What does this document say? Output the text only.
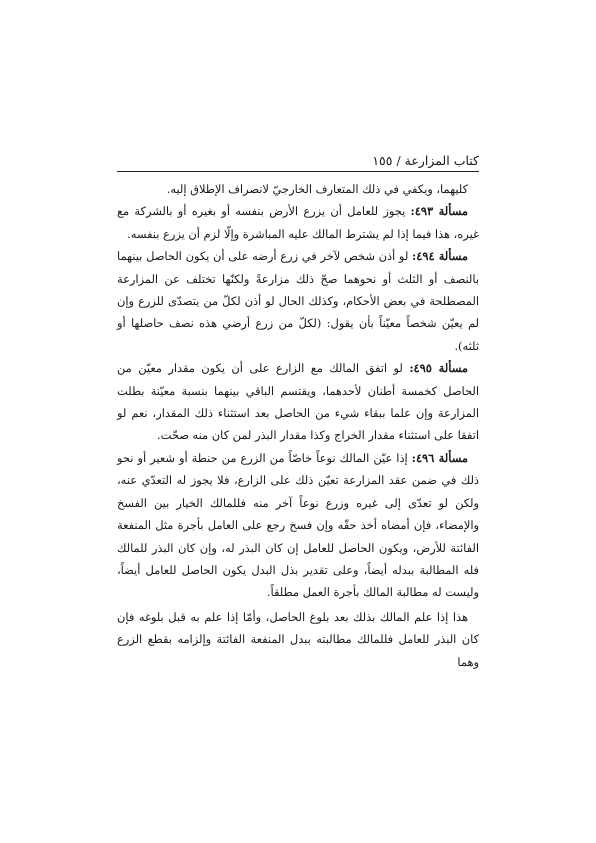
كتاب المزارعة / ١٥٥

كليهما، ويكفي في ذلك المتعارف الخارجيّ لانصراف الإطلاق إليه.

مسألة ٤٩٣: يجوز للعامل أن يزرع الأرض بنفسه أو بغيره أو بالشركة مع غيره، هذا فيما إذا لم يشترط المالك عليه المباشرة وإلّا لزم أن يزرع بنفسه.

مسألة ٤٩٤: لو أذن شخص لآخر في زرع أرضه على أن يكون الحاصل بينهما بالنصف أو الثلث أو نحوهما صحّ ذلك مزارعةً ولكنّها تختلف عن المزارعة المصطلحة في بعض الأحكام، وكذلك الحال لو أذن لكلّ من يتصدّى للزرع وإن لم يعيّن شخصاً معيّناً بأن يقول: (لكلّ من زرع أرضي هذه نصف حاصلها أو ثلثه).

مسألة ٤٩٥: لو اتفق المالك مع الزارع على أن يكون مقدار معيّن من الحاصل كخمسة أطنان لأحدهما، ويقتسم الباقي بينهما بنسبة معيّنة بطلت المزارعة وإن علما ببقاء شيء من الحاصل بعد استثناء ذلك المقدار، نعم لو اتفقا على استثناء مقدار الخراج وكذا مقدار البذر لمن كان منه صحّت.

مسألة ٤٩٦: إذا عيّن المالك نوعاً خاصّاً من الزرع من حنطة أو شعير أو نحو ذلك في ضمن عقد المزارعة تعيّن ذلك على الزارع، فلا يجوز له التعدّي عنه، ولكن لو تعدّى إلى غيره وزرع نوعاً آخر منه فللمالك الخيار بين الفسخ والإمضاء، فإن أمضاه أخذ حقّه وإن فسخ رجع على العامل بأجرة مثل المنفعة الفائتة للأرض، ويكون الحاصل للعامل إن كان البذر له، وإن كان البذر للمالك فله المطالبة ببدله أيضاً، وعلى تقدير بذل البدل يكون الحاصل للعامل أيضاً، وليست له مطالبة المالك بأجرة العمل مطلقاً.

هذا إذا علم المالك بذلك بعد بلوغ الحاصل، وأمّا إذا علم به قبل بلوغه فإن كان البذر للعامل فللمالك مطالبته ببدل المنفعة الفائتة وإلزامه بقطع الزرع وهما
